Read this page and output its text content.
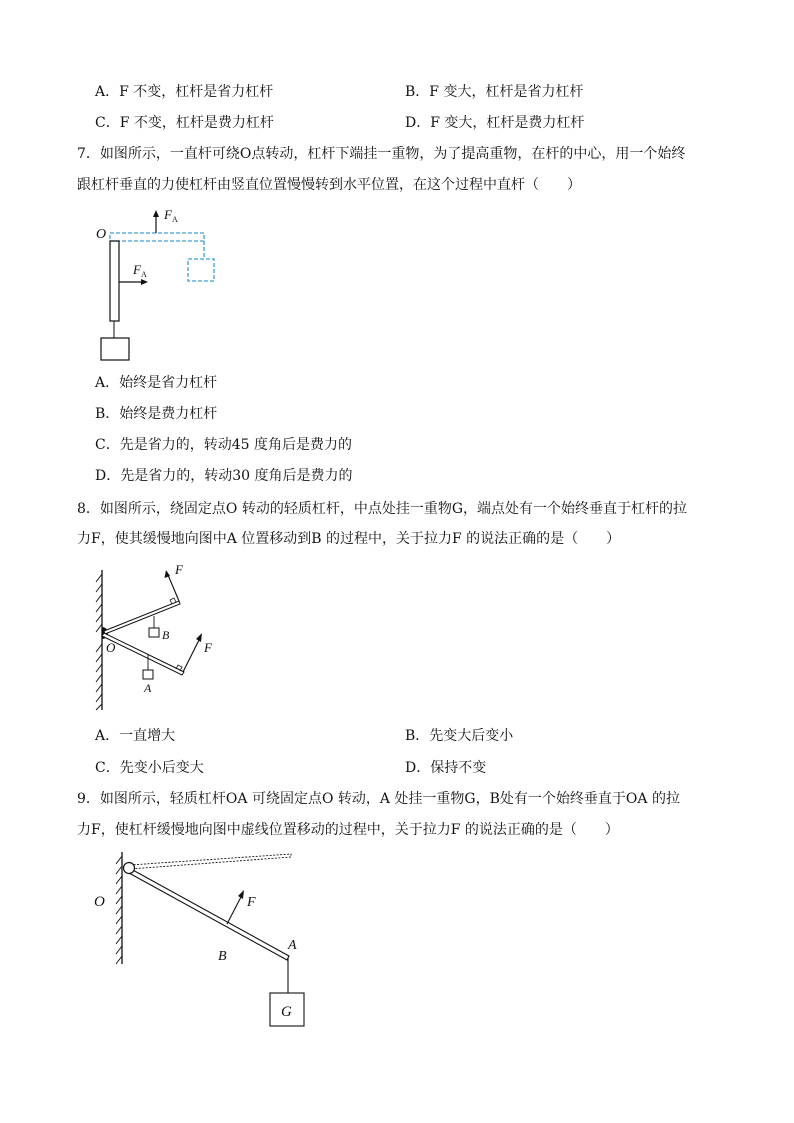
A．F 不变，杠杆是省力杠杆	B．F 变大，杠杆是省力杠杆
C．F 不变，杠杆是费力杠杆	D．F 变大，杠杆是费力杠杆
7．如图所示，一直杆可绕O点转动，杠杆下端挂一重物，为了提高重物，在杆的中心，用一个始终
跟杠杆垂直的力使杠杆由竖直位置慢慢转到水平位置，在这个过程中直杆（　　）
$F_A$
$F_A$
O
A．始终是省力杠杆
B．始终是费力杠杆
C．先是省力的，转动45 度角后是费力的
D．先是省力的，转动30 度角后是费力的
8．如图所示，绕固定点O 转动的轻质杠杆，中点处挂一重物G，端点处有一个始终垂直于杠杆的拉
力F，使其缓慢地向图中A 位置移动到B 的过程中，关于拉力F 的说法正确的是（　　）
F
B
F
A
O
A．一直增大	B．先变大后变小
C．先变小后变大	D．保持不变
9．如图所示，轻质杠杆OA 可绕固定点O 转动，A 处挂一重物G，B处有一个始终垂直于OA 的拉
力F，使杠杆缓慢地向图中虚线位置移动的过程中，关于拉力F 的说法正确的是（　　）
F
G
O
B
A
